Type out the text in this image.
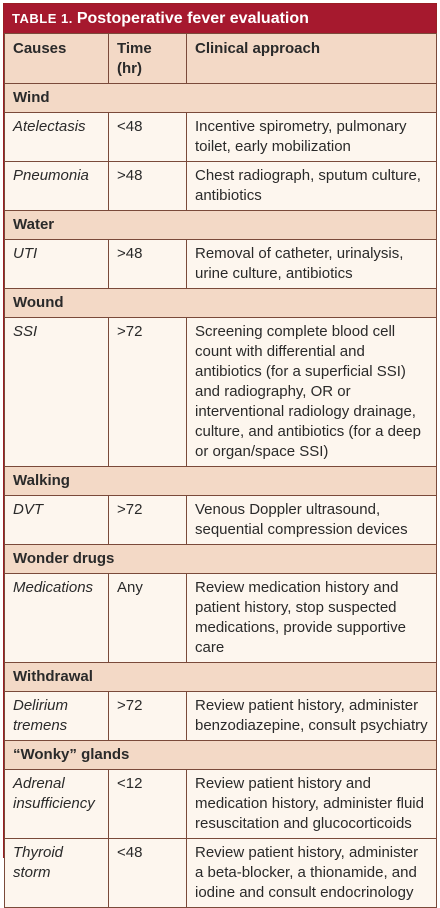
TABLE 1. Postoperative fever evaluation
Causes	Time (hr)	Clinical approach
Wind		
Atelectasis	<48	Incentive spirometry, pulmonary toilet, early mobilization
Pneumonia	>48	Chest radiograph, sputum culture, antibiotics
Water		
UTI	>48	Removal of catheter, urinalysis, urine culture, antibiotics
Wound		
SSI	>72	Screening complete blood cell count with differential and antibiotics (for a superficial SSI) and radiography, OR or interventional radiology drainage, culture, and antibiotics (for a deep or organ/space SSI)
Walking		
DVT	>72	Venous Doppler ultrasound, sequential compression devices
Wonder drugs		
Medications	Any	Review medication history and patient history, stop suspected medications, provide supportive care
Withdrawal		
Delirium tremens	>72	Review patient history, administer benzodiazepine, consult psychiatry
“Wonky” glands		
Adrenal insufficiency	<12	Review patient history and medication history, administer fluid resuscitation and glucocorticoids
Thyroid storm	<48	Review patient history, administer a beta-blocker, a thionamide, and iodine and consult endocrinology
